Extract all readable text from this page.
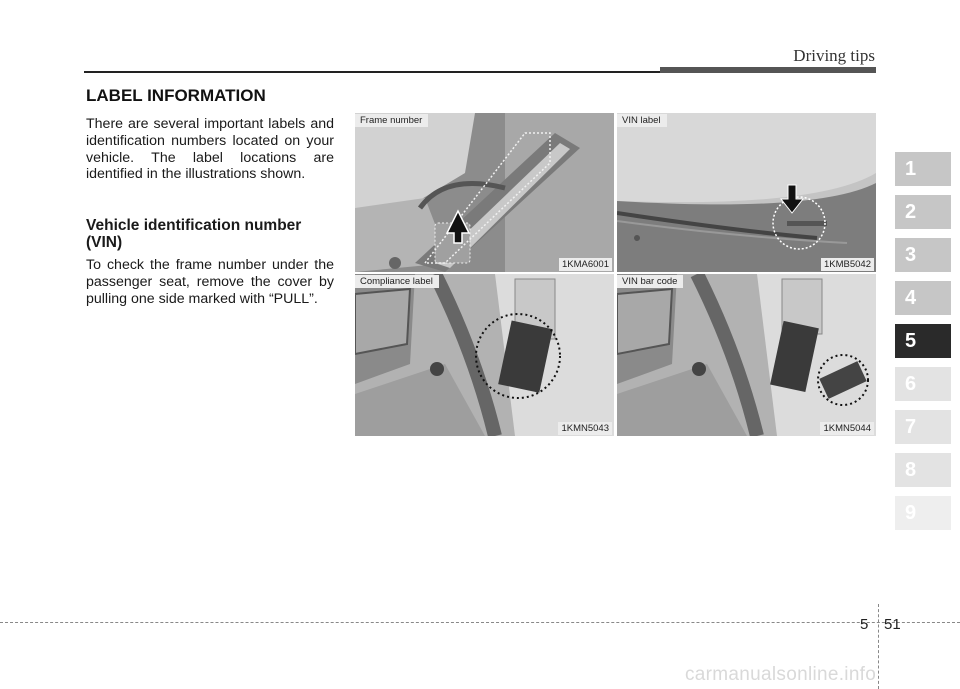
Driving tips
LABEL INFORMATION
There are several important labels and identification numbers located on your vehicle. The label locations are identified in the illustrations shown.
Vehicle identification number (VIN)
To check the frame number under the passenger seat, remove the cover by pulling one side marked with “PULL”.
Frame number
1KMA6001
VIN label
1KMB5042
Compliance label
1KMN5043
VIN bar code
1KMN5044
1
2
3
4
5
6
7
8
9
5 51
carmanualsonline.info
